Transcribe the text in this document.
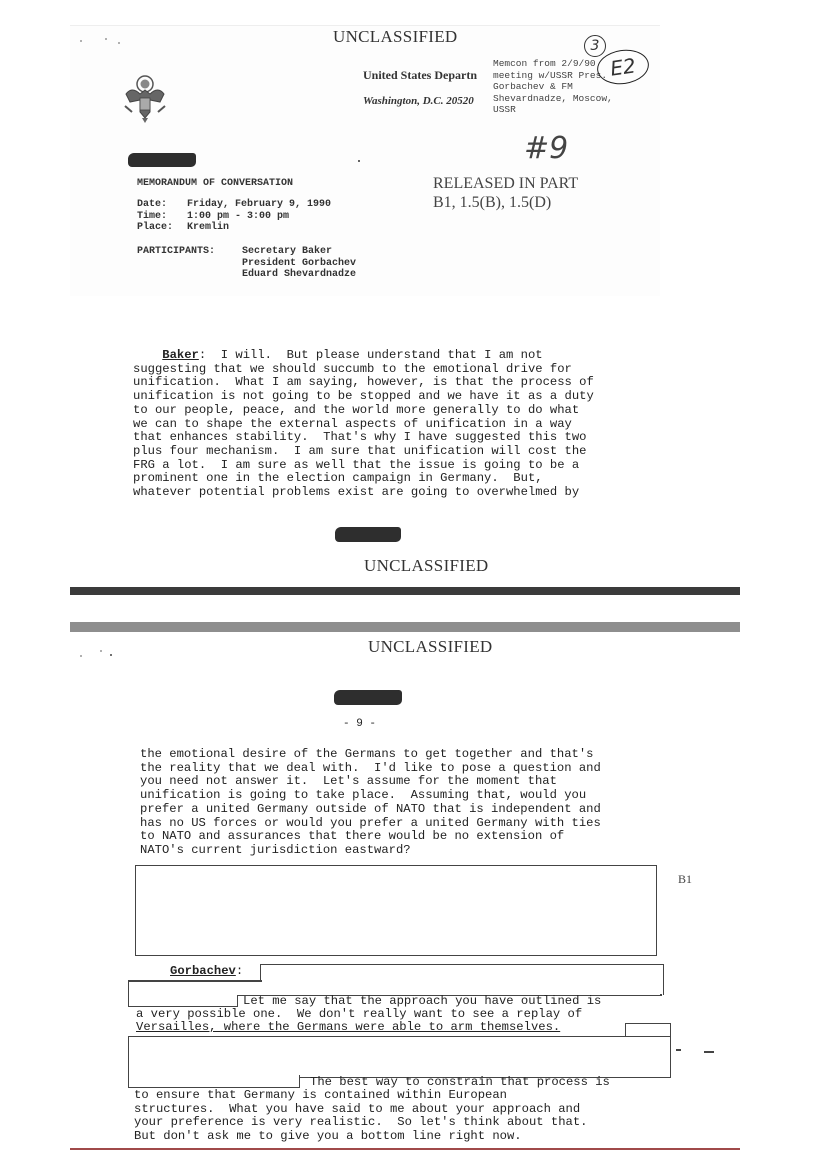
UNCLASSIFIED
United States Departn
Washington, D.C. 20520
Memcon from 2/9/90
meeting w/USSR Pres.
Gorbachev & FM
Shevardnadze, Moscow,
USSR
3
E2
#9
MEMORANDUM OF CONVERSATION
Date:	Friday, February 9, 1990
Time:	1:00 pm - 3:00 pm
Place:	Kremlin
PARTICIPANTS:	Secretary Baker
President Gorbachev
Eduard Shevardnadze
RELEASED IN PART
B1, 1.5(B), 1.5(D)
Baker:  I will.  But please understand that I am not
suggesting that we should succumb to the emotional drive for
unification.  What I am saying, however, is that the process of
unification is not going to be stopped and we have it as a duty
to our people, peace, and the world more generally to do what
we can to shape the external aspects of unification in a way
that enhances stability.  That's why I have suggested this two
plus four mechanism.  I am sure that unification will cost the
FRG a lot.  I am sure as well that the issue is going to be a
prominent one in the election campaign in Germany.  But,
whatever potential problems exist are going to overwhelmed by
UNCLASSIFIED
UNCLASSIFIED
- 9 -
the emotional desire of the Germans to get together and that's
the reality that we deal with.  I'd like to pose a question and
you need not answer it.  Let's assume for the moment that
unification is going to take place.  Assuming that, would you
prefer a united Germany outside of NATO that is independent and
has no US forces or would you prefer a united Germany with ties
to NATO and assurances that there would be no extension of
NATO's current jurisdiction eastward?
B1
Gorbachev:
Let me say that the approach you have outlined is
a very possible one.  We don't really want to see a replay of
Versailles, where the Germans were able to arm themselves.
The best way to constrain that process is
to ensure that Germany is contained within European
structures.  What you have said to me about your approach and
your preference is very realistic.  So let's think about that.
But don't ask me to give you a bottom line right now.
